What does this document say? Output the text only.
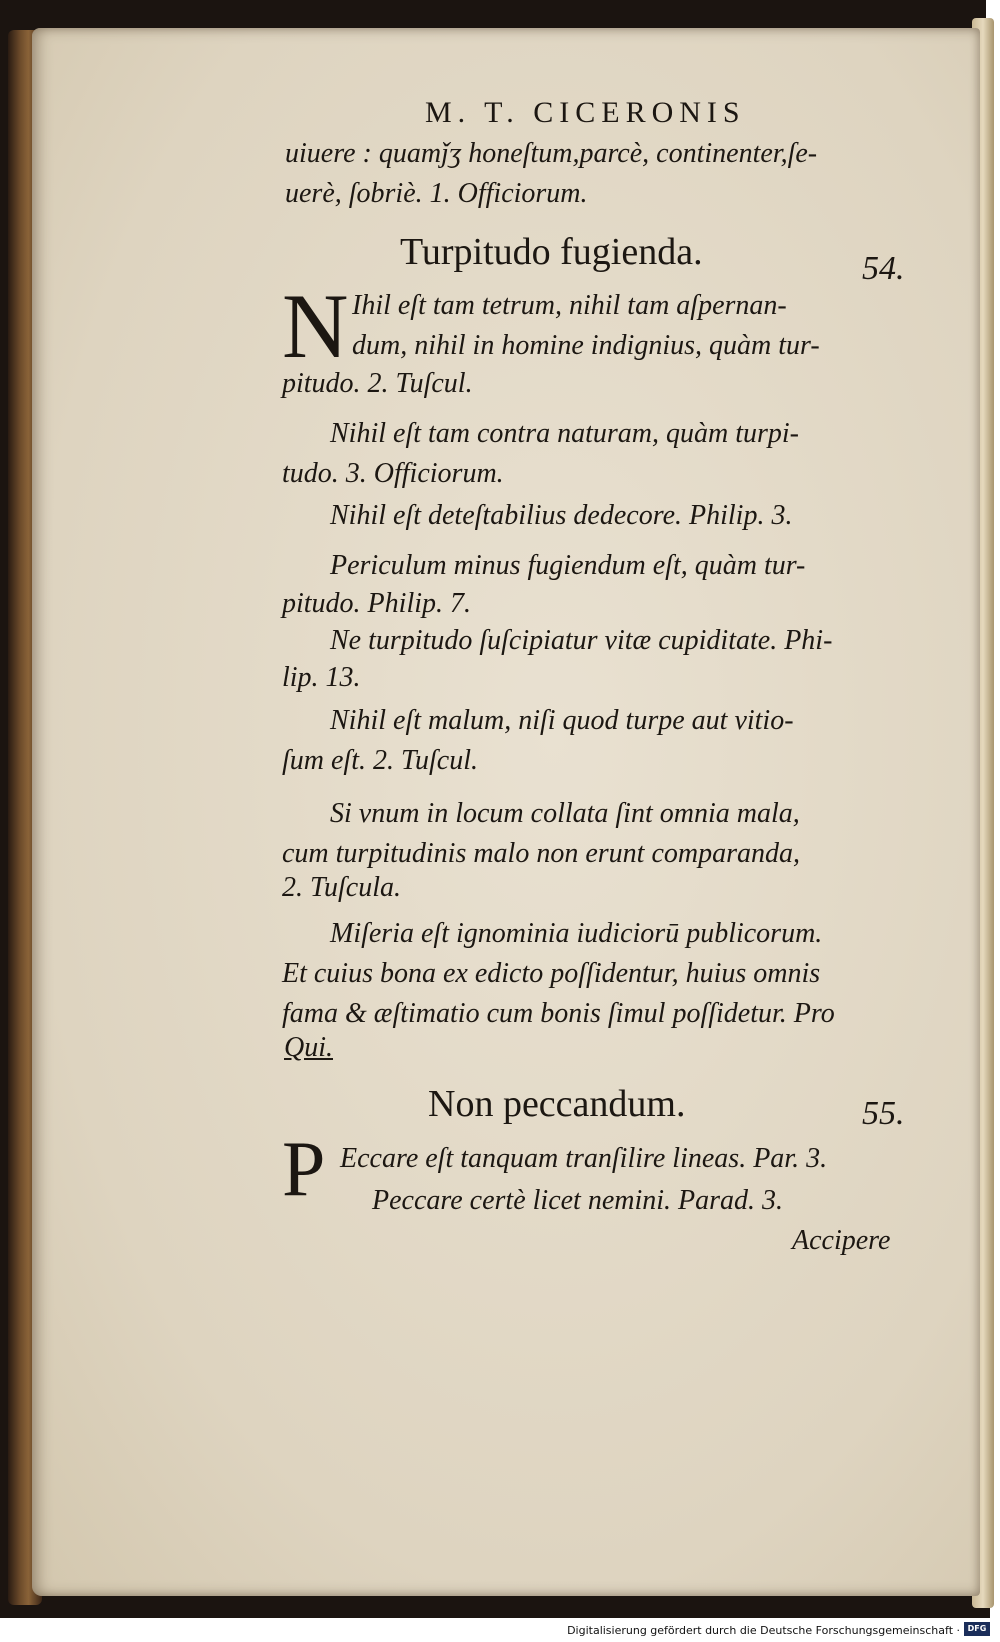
M. T. CICERONIS
uiuere : quamǰʒ honeſtum,parcè, continenter,ſe-
uerè, ſobriè. 1. Officiorum.
Turpitudo fugienda.	54.
N Ihil eſt tam tetrum, nihil tam aſpernan-
dum, nihil in homine indignius, quàm tur-
pitudo. 2. Tuſcul.
Nihil eſt tam contra naturam, quàm turpi-
tudo. 3. Officiorum.
Nihil eſt deteſtabilius dedecore. Philip. 3.
Periculum minus fugiendum eſt, quàm tur-
pitudo. Philip. 7.
Ne turpitudo ſuſcipiatur vitæ cupiditate. Phi-
lip. 13.
Nihil eſt malum, niſi quod turpe aut vitio-
ſum eſt. 2. Tuſcul.
Si vnum in locum collata ſint omnia mala,
cum turpitudinis malo non erunt comparanda,
2. Tuſcula.
Miſeria eſt ignominia iudiciorū publicorum.
Et cuius bona ex edicto poſſidentur, huius omnis
fama & æſtimatio cum bonis ſimul poſſidetur. Pro
Qui.
Non peccandum.	55.
P Eccare eſt tanquam tranſilire lineas. Par. 3.
Peccare certè licet nemini. Parad. 3.
Accipere
Digitalisierung gefördert durch die Deutsche Forschungsgemeinschaft · DFG
